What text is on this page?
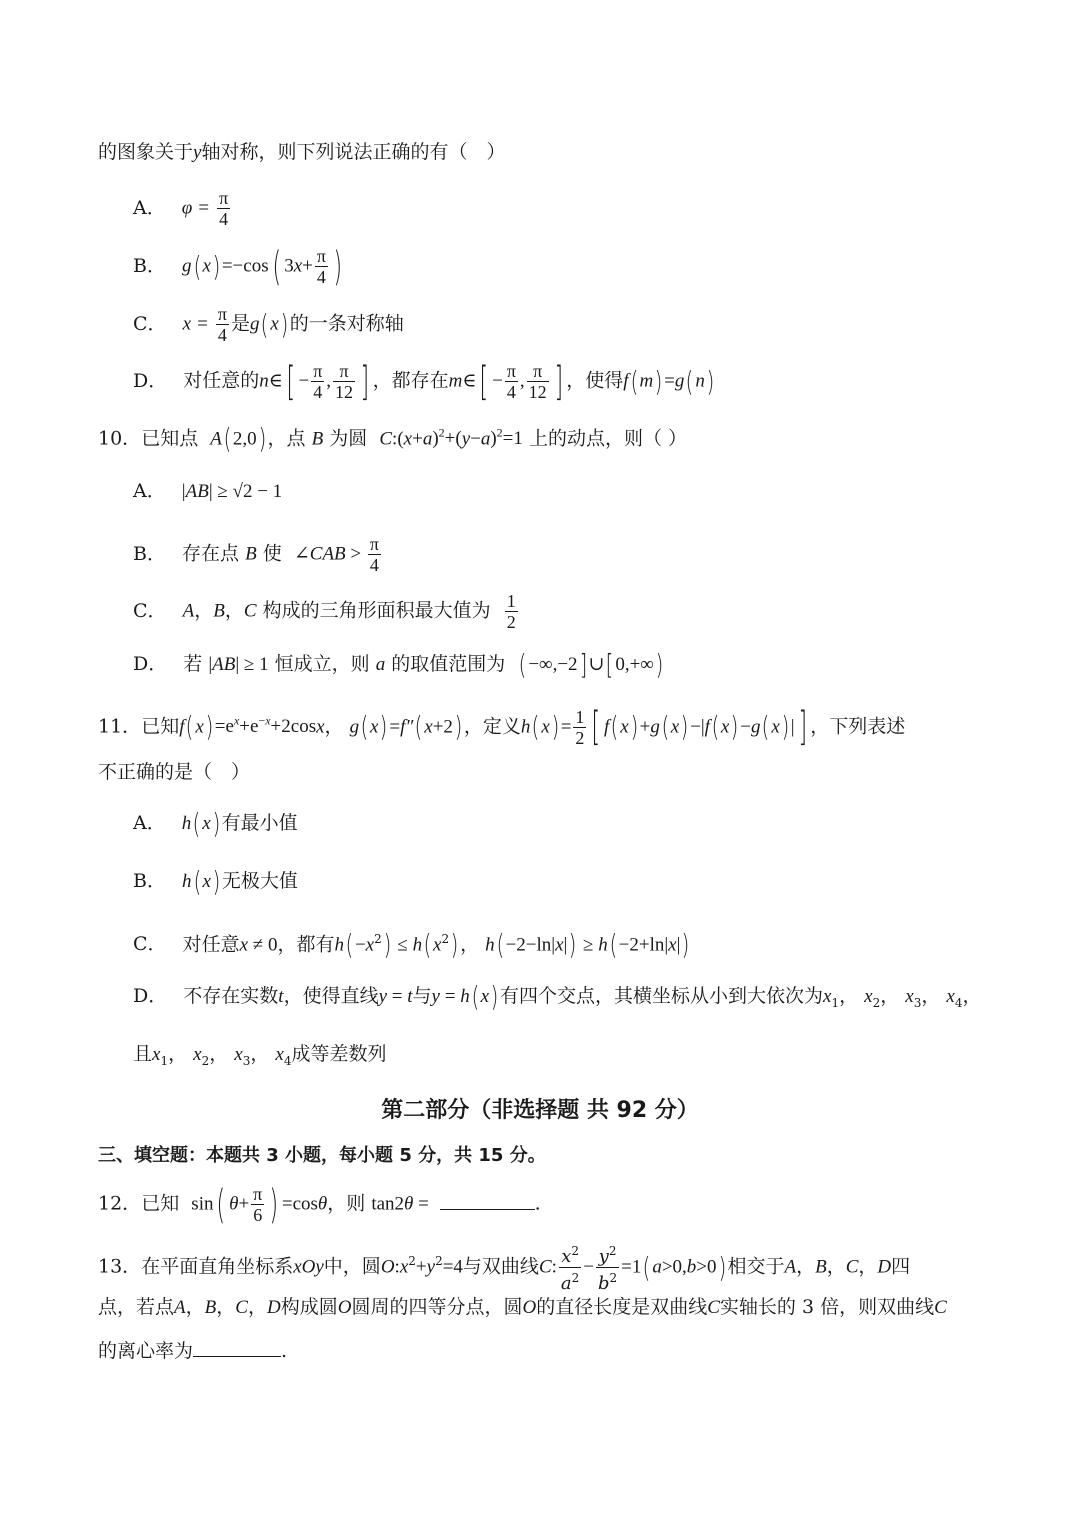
的图象关于y轴对称，则下列说法正确的有（　）
A． $\varphi = \frac{\pi}{4}$
B． g(x)=−cos( $3x+ \frac{\pi}{4}$ )
C． $x = \frac{\pi}{4}$ 是g(x)的一条对称轴
D． 对任意的n∈[ − $\frac{\pi}{4}$ , $\frac{\pi}{12}$ ] ，都存在m∈[ − $\frac{\pi}{4}$ , $\frac{\pi}{12}$ ] ，使得f(m)=g(n)
10．已知点 A(2,0)，点 B 为圆 $C:(x+a)^2+(y-a)^2=1$ 上的动点，则（ ）
A． |AB| ≥ √2 − 1
B． 存在点 B 使 ∠CAB > $\frac{\pi}{4}$
C． A，B，C 构成的三角形面积最大值为 $\frac{1}{2}$
D． 若 |AB| ≥ 1 恒成立，则 a 的取值范围为 (−∞,−2]∪[0,+∞)
11．已知$f(x)=e^x+e^{-x}+2\cos x$， g(x)=f″(x+2)，定义$h(x)= \frac{1}{2}$ [ f(x)+g(x)−|f(x)−g(x)|] ，下列表述
不正确的是（　）
A． h(x)有最小值
B． h(x)无极大值
C． 对任意x ≠ 0，都有$h(-x^2) \le h(x^2)$， h(−2−ln|x|) ≥ h(−2+ln|x|)
D． 不存在实数t，使得直线y = t与y = h(x)有四个交点，其横坐标从小到大依次为$x_1$， $x_2$， $x_3$， $x_4$，
且$x_1$， $x_2$， $x_3$， $x_4$成等差数列
第二部分（非选择题 共 92 分）
三、填空题：本题共 3 小题，每小题 5 分，共 15 分。
12．已知 sin( $\theta+ \frac{\pi}{6}$ ) =cosθ，则 tan2θ =	.
13．在平面直角坐标系xOy中，圆$O:x^2+y^2=4$与双曲线C: $\frac{x^2}{a^2} - \frac{y^2}{b^2} =1(a>0,b>0)$相交于A，B，C，D四
点，若点A，B，C，D构成圆O圆周的四等分点，圆O的直径长度是双曲线C实轴长的 3 倍，则双曲线C
的离心率为	.
